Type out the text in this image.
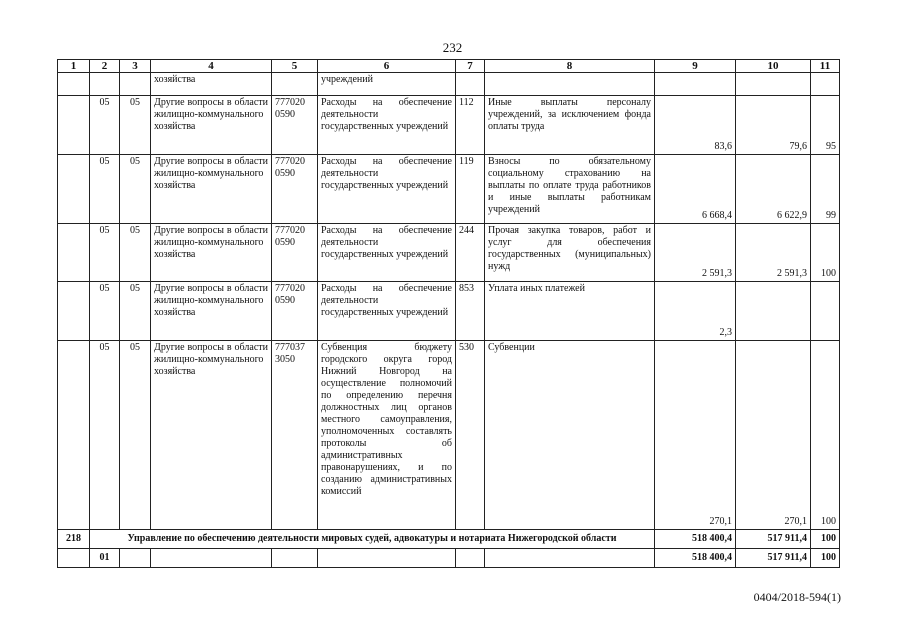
232
1	2	3	4	5	6	7	8	9	10	11
			хозяйства		учреждений					
	05	05	Другие вопросы в области жилищно-коммунального хозяйства	777020 0590	Расходы на обеспечение деятельности государственных учреждений	112	Иные выплаты персоналу учреждений, за исключением фонда оплаты труда	83,6	79,6	95
	05	05	Другие вопросы в области жилищно-коммунального хозяйства	777020 0590	Расходы на обеспечение деятельности государственных учреждений	119	Взносы по обязательному социальному страхованию на выплаты по оплате труда работников и иные выплаты работникам учреждений	6 668,4	6 622,9	99
	05	05	Другие вопросы в области жилищно-коммунального хозяйства	777020 0590	Расходы на обеспечение деятельности государственных учреждений	244	Прочая закупка товаров, работ и услуг для обеспечения государственных (муниципальных) нужд	2 591,3	2 591,3	100
	05	05	Другие вопросы в области жилищно-коммунального хозяйства	777020 0590	Расходы на обеспечение деятельности государственных учреждений	853	Уплата иных платежей	2,3		
	05	05	Другие вопросы в области жилищно-коммунального хозяйства	777037 3050	Субвенция бюджету городского округа город Нижний Новгород на осуществление полномочий по определению перечня должностных лиц органов местного самоуправления, уполномоченных составлять протоколы об административных правонарушениях, и по созданию административных комиссий	530	Субвенции	270,1	270,1	100
218	Управление по обеспечению деятельности мировых судей, адвокатуры и нотариата Нижегородской области							518 400,4	517 911,4	100
	01							518 400,4	517 911,4	100
0404/2018-594(1)
